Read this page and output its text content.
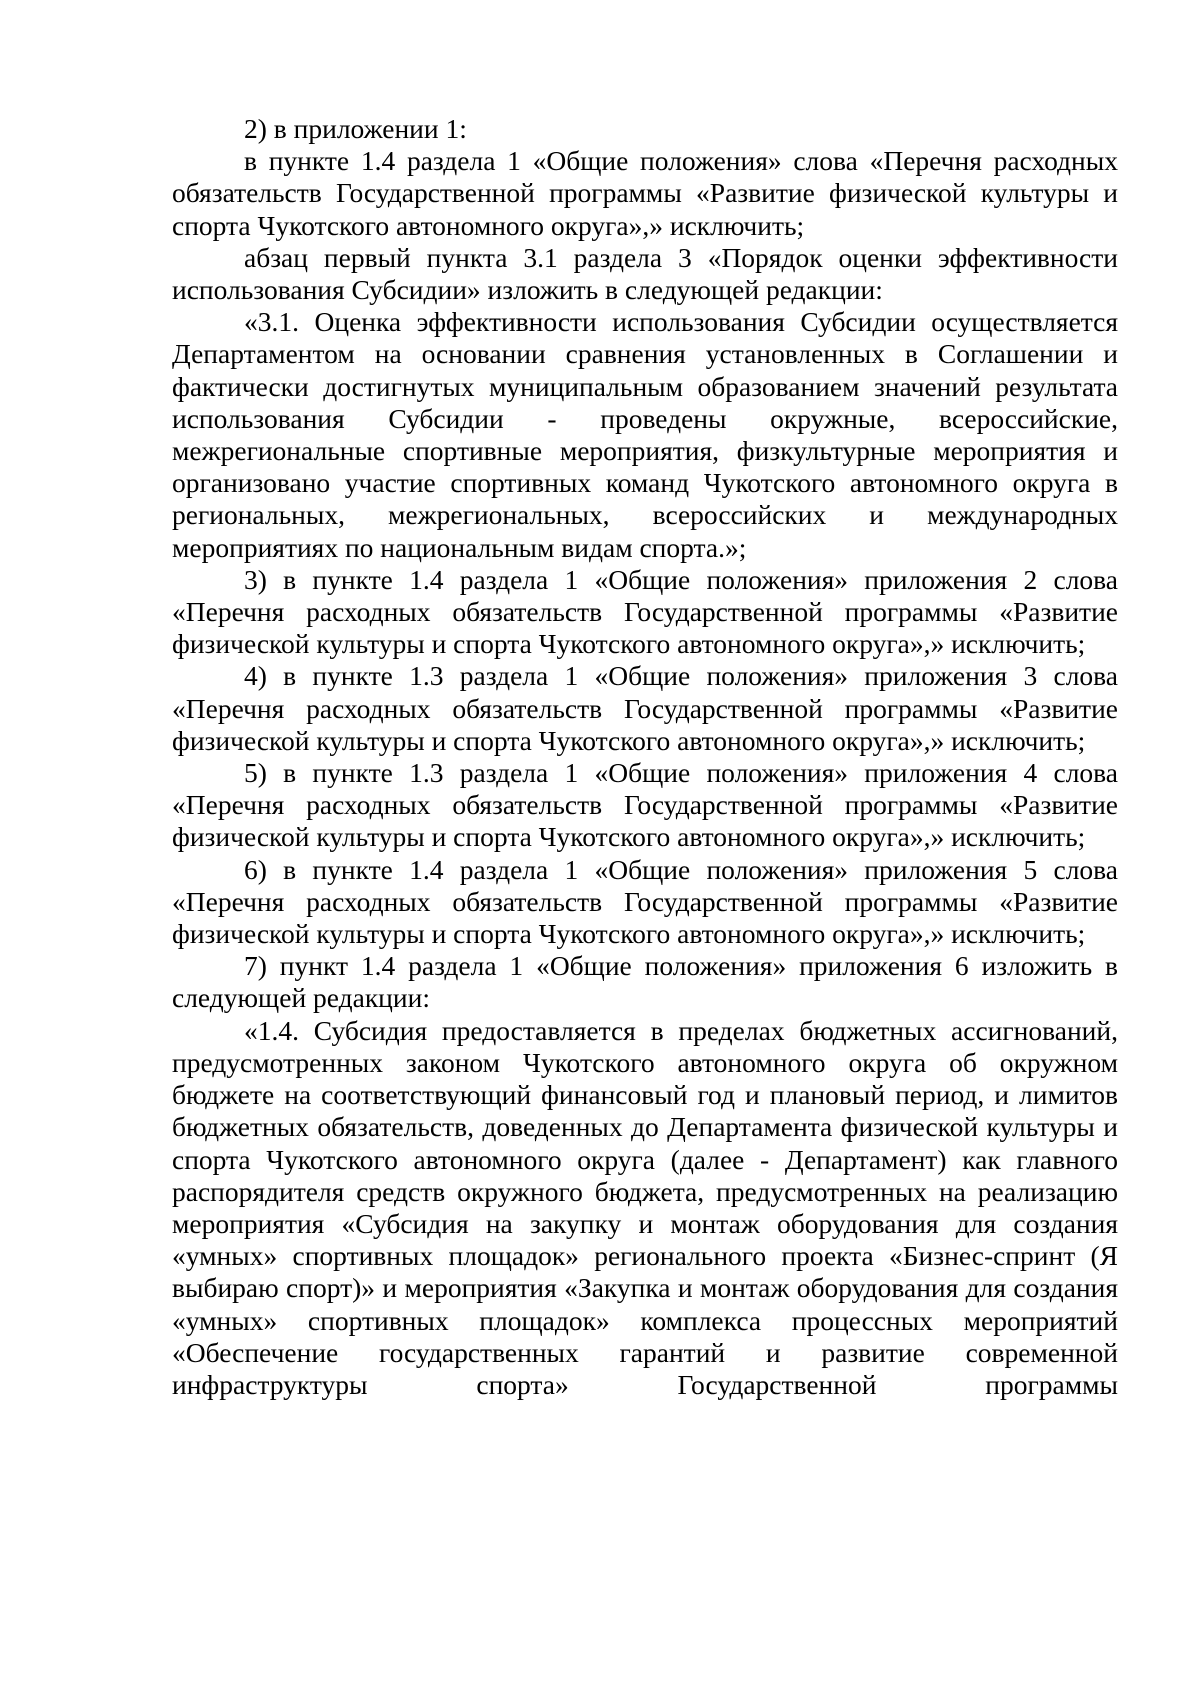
2) в приложении 1:

в пункте 1.4 раздела 1 «Общие положения» слова «Перечня расходных обязательств Государственной программы «Развитие физической культуры и спорта Чукотского автономного округа»,» исключить;

абзац первый пункта 3.1 раздела 3 «Порядок оценки эффективности использования Субсидии» изложить в следующей редакции:

«3.1. Оценка эффективности использования Субсидии осуществляется Департаментом на основании сравнения установленных в Соглашении и фактически достигнутых муниципальным образованием значений результата использования Субсидии - проведены окружные, всероссийские, межрегиональные спортивные мероприятия, физкультурные мероприятия и организовано участие спортивных команд Чукотского автономного округа в региональных, межрегиональных, всероссийских и международных мероприятиях по национальным видам спорта.»;

3) в пункте 1.4 раздела 1 «Общие положения» приложения 2 слова «Перечня расходных обязательств Государственной программы «Развитие физической культуры и спорта Чукотского автономного округа»,» исключить;

4) в пункте 1.3 раздела 1 «Общие положения» приложения 3 слова «Перечня расходных обязательств Государственной программы «Развитие физической культуры и спорта Чукотского автономного округа»,» исключить;

5) в пункте 1.3 раздела 1 «Общие положения» приложения 4 слова «Перечня расходных обязательств Государственной программы «Развитие физической культуры и спорта Чукотского автономного округа»,» исключить;

6) в пункте 1.4 раздела 1 «Общие положения» приложения 5 слова «Перечня расходных обязательств Государственной программы «Развитие физической культуры и спорта Чукотского автономного округа»,» исключить;

7) пункт 1.4 раздела 1 «Общие положения» приложения 6 изложить в следующей редакции:

«1.4. Субсидия предоставляется в пределах бюджетных ассигнований, предусмотренных законом Чукотского автономного округа об окружном бюджете на соответствующий финансовый год и плановый период, и лимитов бюджетных обязательств, доведенных до Департамента физической культуры и спорта Чукотского автономного округа (далее - Департамент) как главного распорядителя средств окружного бюджета, предусмотренных на реализацию мероприятия «Субсидия на закупку и монтаж оборудования для создания «умных» спортивных площадок» регионального проекта «Бизнес-спринт (Я выбираю спорт)» и мероприятия «Закупка и монтаж оборудования для создания «умных» спортивных площадок» комплекса процессных мероприятий «Обеспечение государственных гарантий и развитие современной инфраструктуры спорта» Государственной программы
